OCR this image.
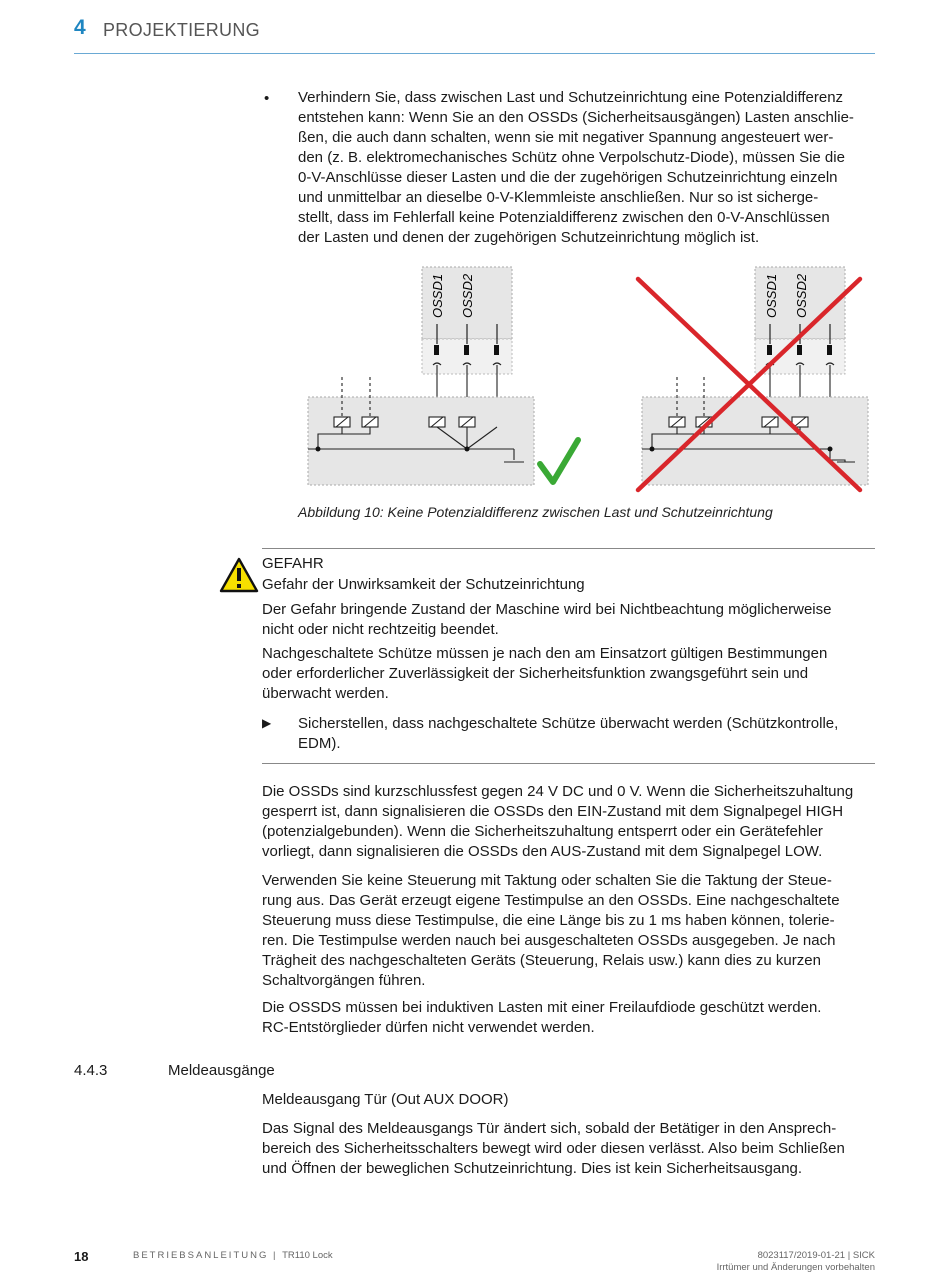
4 PROJEKTIERUNG
• Verhindern Sie, dass zwischen Last und Schutzeinrichtung eine Potenzialdifferenz
entstehen kann: Wenn Sie an den OSSDs (Sicherheitsausgängen) Lasten anschlie-
ßen, die auch dann schalten, wenn sie mit negativer Spannung angesteuert wer-
den (z. B. elektromechanisches Schütz ohne Verpolschutz-Diode), müssen Sie die
0-V-Anschlüsse dieser Lasten und die der zugehörigen Schutzeinrichtung einzeln
und unmittelbar an dieselbe 0-V-Klemmleiste anschließen. Nur so ist sicherge-
stellt, dass im Fehlerfall keine Potenzialdifferenz zwischen den 0-V-Anschlüssen
der Lasten und denen der zugehörigen Schutzeinrichtung möglich ist.
OSSD1 OSSD2	OSSD1 OSSD2
Abbildung 10: Keine Potenzialdifferenz zwischen Last und Schutzeinrichtung
GEFAHR
Gefahr der Unwirksamkeit der Schutzeinrichtung
Der Gefahr bringende Zustand der Maschine wird bei Nichtbeachtung möglicherweise
nicht oder nicht rechtzeitig beendet.
Nachgeschaltete Schütze müssen je nach den am Einsatzort gültigen Bestimmungen
oder erforderlicher Zuverlässigkeit der Sicherheitsfunktion zwangsgeführt sein und
überwacht werden.
▶ Sicherstellen, dass nachgeschaltete Schütze überwacht werden (Schützkontrolle,
EDM).
Die OSSDs sind kurzschlussfest gegen 24 V DC und 0 V. Wenn die Sicherheitszuhaltung
gesperrt ist, dann signalisieren die OSSDs den EIN-Zustand mit dem Signalpegel HIGH
(potenzialgebunden). Wenn die Sicherheitszuhaltung entsperrt oder ein Gerätefehler
vorliegt, dann signalisieren die OSSDs den AUS-Zustand mit dem Signalpegel LOW.
Verwenden Sie keine Steuerung mit Taktung oder schalten Sie die Taktung der Steue-
rung aus. Das Gerät erzeugt eigene Testimpulse an den OSSDs. Eine nachgeschaltete
Steuerung muss diese Testimpulse, die eine Länge bis zu 1 ms haben können, tolerie-
ren. Die Testimpulse werden nauch bei ausgeschalteten OSSDs ausgegeben. Je nach
Trägheit des nachgeschalteten Geräts (Steuerung, Relais usw.) kann dies zu kurzen
Schaltvorgängen führen.
Die OSSDS müssen bei induktiven Lasten mit einer Freilaufdiode geschützt werden.
RC-Entstörglieder dürfen nicht verwendet werden.
4.4.3	Meldeausgänge
Meldeausgang Tür (Out AUX DOOR)
Das Signal des Meldeausgangs Tür ändert sich, sobald der Betätiger in den Ansprech-
bereich des Sicherheitsschalters bewegt wird oder diesen verlässt. Also beim Schließen
und Öffnen der beweglichen Schutzeinrichtung. Dies ist kein Sicherheitsausgang.
18	BETRIEBSANLEITUNG | TR110 Lock	8023117/2019-01-21 | SICK
Irrtümer und Änderungen vorbehalten
